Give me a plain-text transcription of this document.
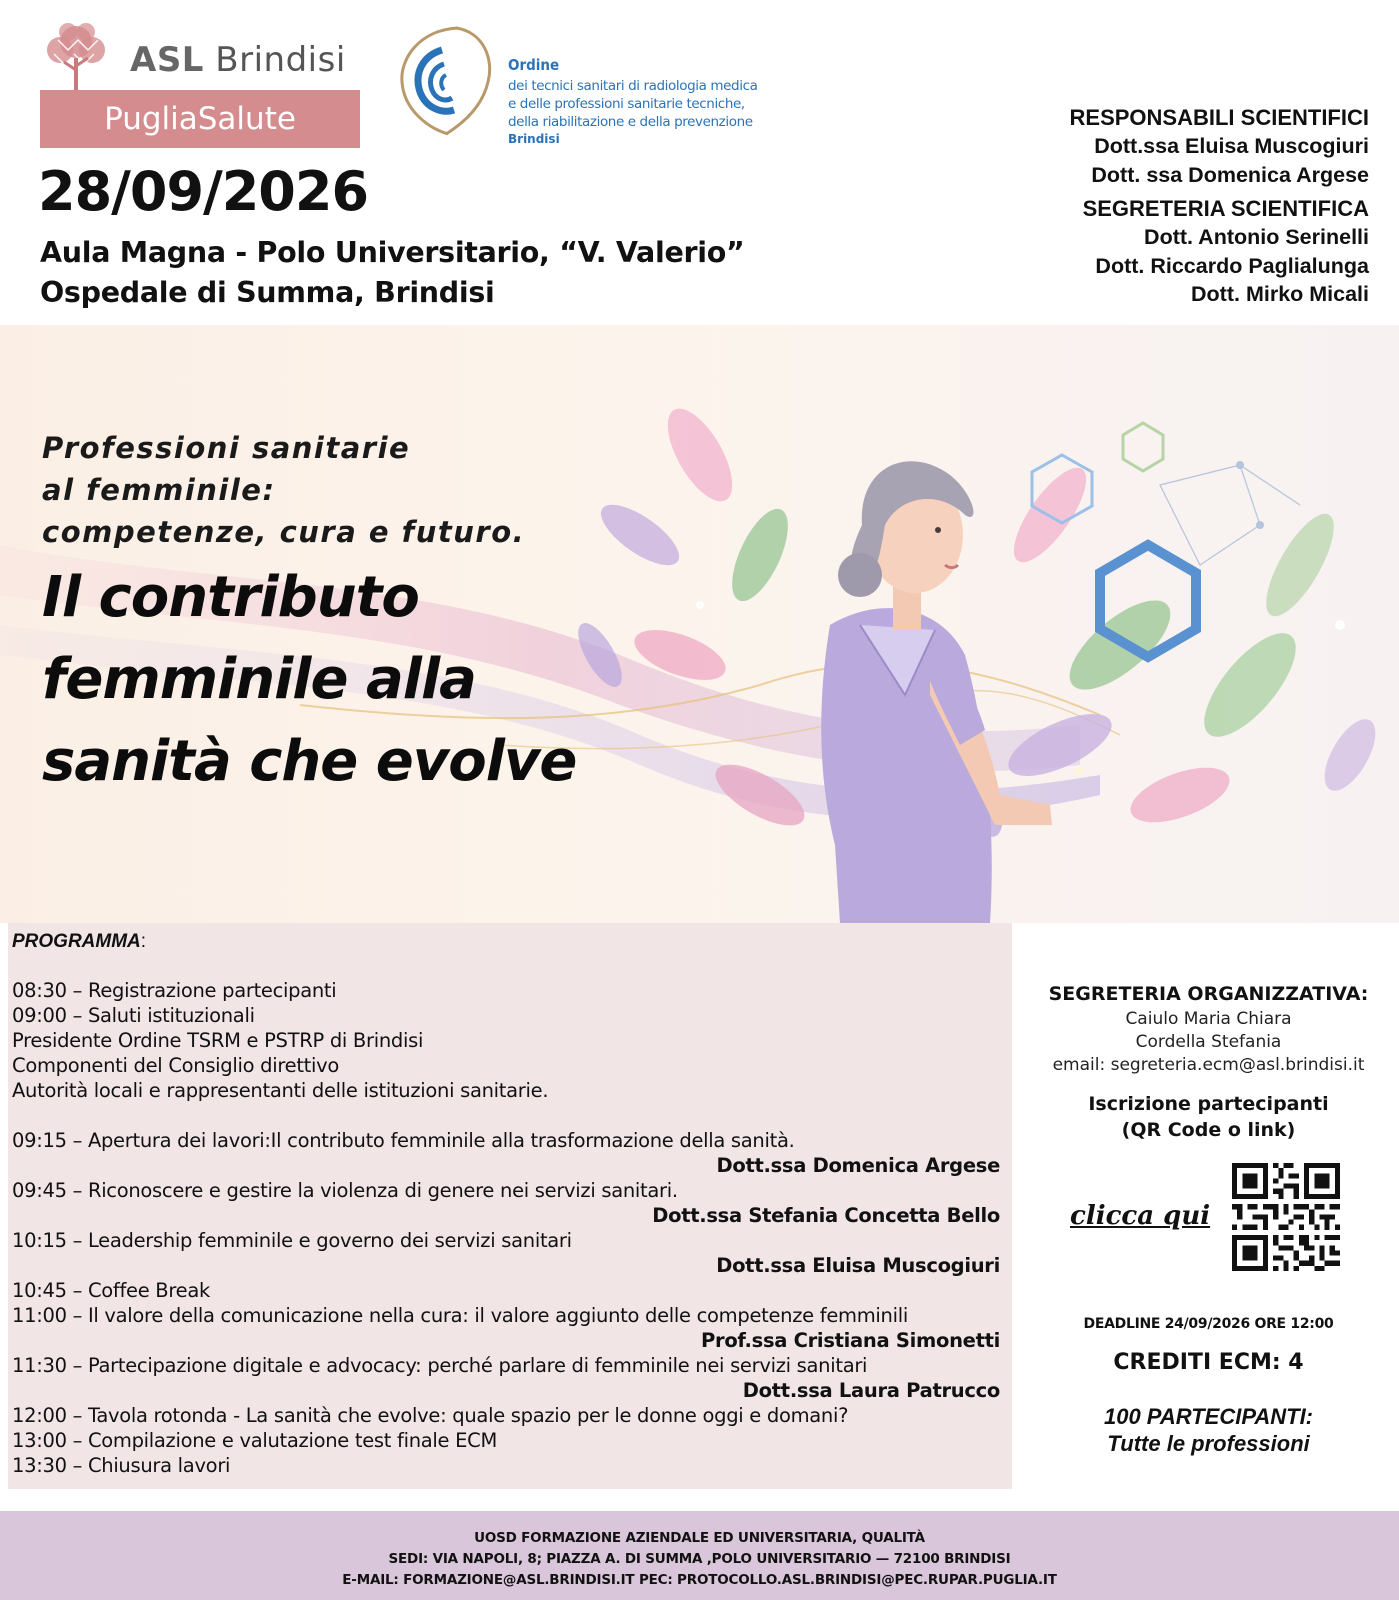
ASL Brindisi
PugliaSalute
Ordine
dei tecnici sanitari di radiologia medica
e delle professioni sanitarie tecniche,
della riabilitazione e della prevenzione
Brindisi
28/09/2026
Aula Magna - Polo Universitario, “V. Valerio”
Ospedale di Summa, Brindisi
RESPONSABILI SCIENTIFICI
Dott.ssa Eluisa Muscogiuri
Dott. ssa Domenica Argese
SEGRETERIA SCIENTIFICA
Dott. Antonio Serinelli
Dott. Riccardo Paglialunga
Dott. Mirko Micali
Professioni sanitarie
al femminile:
competenze, cura e futuro.
Il contributo
femminile alla
sanità che evolve
PROGRAMMA:
08:30 – Registrazione partecipanti
09:00 – Saluti istituzionali
Presidente Ordine TSRM e PSTRP di Brindisi
Componenti del Consiglio direttivo
Autorità locali e rappresentanti delle istituzioni sanitarie.
09:15 – Apertura dei lavori:Il contributo femminile alla trasformazione della sanità.
Dott.ssa Domenica Argese
09:45 – Riconoscere e gestire la violenza di genere nei servizi sanitari.
Dott.ssa Stefania Concetta Bello
10:15 – Leadership femminile e governo dei servizi sanitari
Dott.ssa Eluisa Muscogiuri
10:45 – Coffee Break
11:00 – Il valore della comunicazione nella cura: il valore aggiunto delle competenze femminili
Prof.ssa Cristiana Simonetti
11:30 – Partecipazione digitale e advocacy: perché parlare di femminile nei servizi sanitari
Dott.ssa Laura Patrucco
12:00 – Tavola rotonda - La sanità che evolve: quale spazio per le donne oggi e domani?
13:00 – Compilazione e valutazione test finale ECM
13:30 – Chiusura lavori
SEGRETERIA ORGANIZZATIVA:
Caiulo Maria Chiara
Cordella Stefania
email: segreteria.ecm@asl.brindisi.it
Iscrizione partecipanti
(QR Code o link)
clicca qui
DEADLINE 24/09/2026 ORE 12:00
CREDITI ECM: 4
100 PARTECIPANTI:
Tutte le professioni
UOSD FORMAZIONE AZIENDALE ED UNIVERSITARIA, QUALITÀ
SEDI: VIA NAPOLI, 8; PIAZZA A. DI SUMMA ,POLO UNIVERSITARIO — 72100 BRINDISI
E-MAIL: FORMAZIONE@ASL.BRINDISI.IT PEC: PROTOCOLLO.ASL.BRINDISI@PEC.RUPAR.PUGLIA.IT
